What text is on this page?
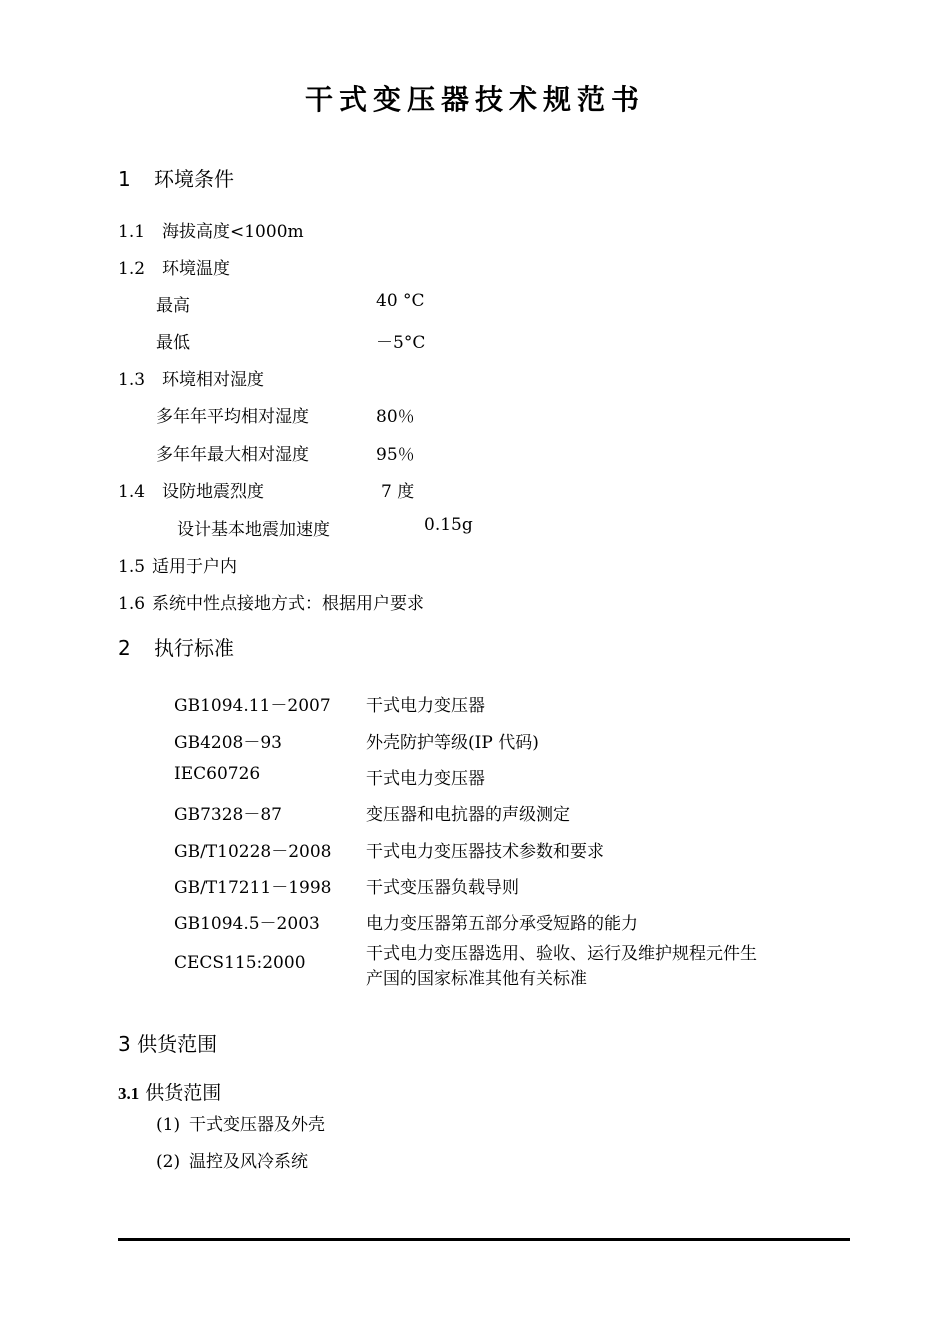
干式变压器技术规范书
1 环境条件
1.1 海拔高度<1000m
1.2 环境温度
最高	40 °C
最低	－5°C
1.3 环境相对湿度
多年年平均相对湿度	80％
多年年最大相对湿度	95％
1.4 设防地震烈度	7 度
设计基本地震加速度	0.15g
1.5 适用于户内
1.6 系统中性点接地方式：根据用户要求
2 执行标准
GB1094.11－2007 干式电力变压器
GB4208－93	外壳防护等级(IP 代码)
IEC60726	干式电力变压器
GB7328－87	变压器和电抗器的声级测定
GB/T10228－2008 干式电力变压器技术参数和要求
GB/T17211－1998 干式变压器负载导则
GB1094.5－2003	电力变压器第五部分承受短路的能力
CECS115:2000	干式电力变压器选用、验收、运行及维护规程元件生
产国的国家标准其他有关标准
3 供货范围
3.1 供货范围
(1) 干式变压器及外壳
(2) 温控及风冷系统
